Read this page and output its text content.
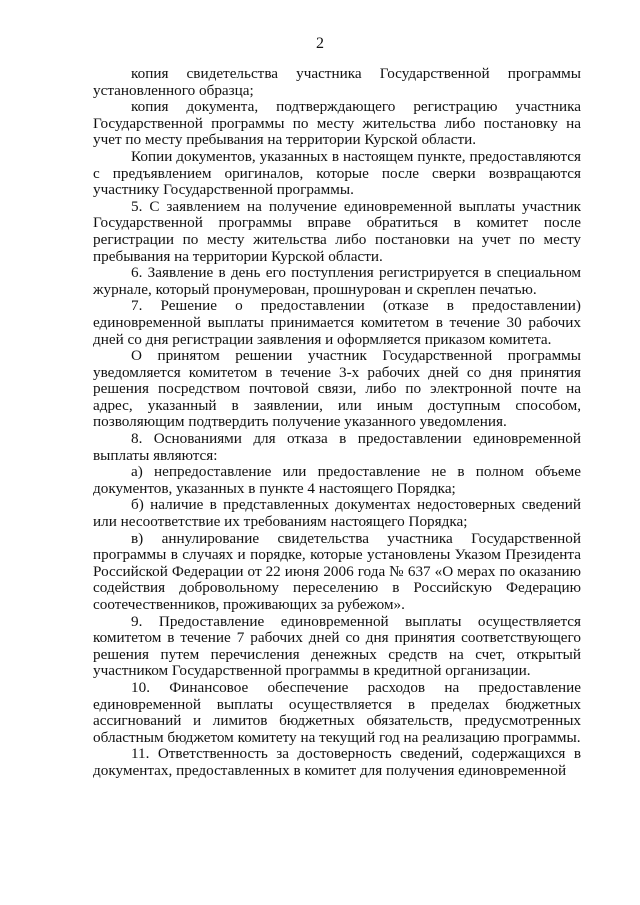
2

копия свидетельства участника Государственной программы установленного образца;

копия документа, подтверждающего регистрацию участника Государственной программы по месту жительства либо постановку на учет по месту пребывания на территории Курской области.

Копии документов, указанных в настоящем пункте, предоставляются с предъявлением оригиналов, которые после сверки возвращаются участнику Государственной программы.

5. С заявлением на получение единовременной выплаты участник Государственной программы вправе обратиться в комитет после регистрации по месту жительства либо постановки на учет по месту пребывания на территории Курской области.

6. Заявление в день его поступления регистрируется в специальном журнале, который пронумерован, прошнурован и скреплен печатью.

7. Решение о предоставлении (отказе в предоставлении) единовременной выплаты принимается комитетом в течение 30 рабочих дней со дня регистрации заявления и оформляется приказом комитета.

О принятом решении участник Государственной программы уведомляется комитетом в течение 3-х рабочих дней со дня принятия решения посредством почтовой связи, либо по электронной почте на адрес, указанный в заявлении, или иным доступным способом, позволяющим подтвердить получение указанного уведомления.

8. Основаниями для отказа в предоставлении единовременной выплаты являются:

а) непредоставление или предоставление не в полном объеме документов, указанных в пункте 4 настоящего Порядка;

б) наличие в представленных документах недостоверных сведений или несоответствие их требованиям настоящего Порядка;

в) аннулирование свидетельства участника Государственной программы в случаях и порядке, которые установлены Указом Президента Российской Федерации от 22 июня 2006 года № 637 «О мерах по оказанию содействия добровольному переселению в Российскую Федерацию соотечественников, проживающих за рубежом».

9. Предоставление единовременной выплаты осуществляется комитетом в течение 7 рабочих дней со дня принятия соответствующего решения путем перечисления денежных средств на счет, открытый участником Государственной программы в кредитной организации.

10. Финансовое обеспечение расходов на предоставление единовременной выплаты осуществляется в пределах бюджетных ассигнований и лимитов бюджетных обязательств, предусмотренных областным бюджетом комитету на текущий год на реализацию программы.

11. Ответственность за достоверность сведений, содержащихся в документах, предоставленных в комитет для получения единовременной
